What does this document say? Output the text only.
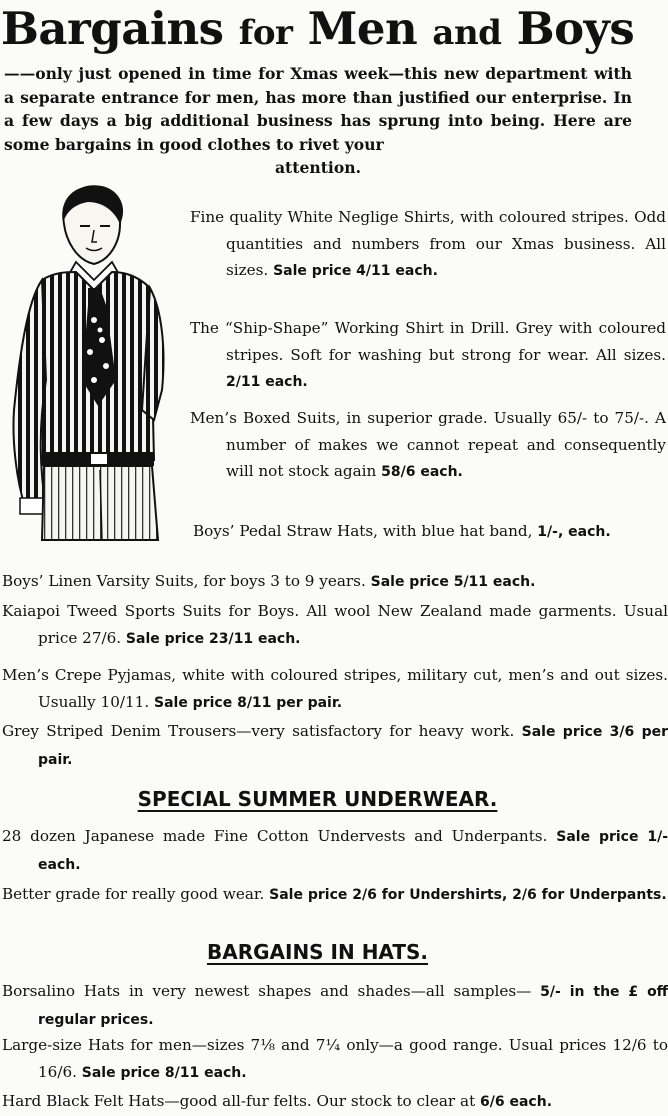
Bargains for Men and Boys
——only just opened in time for Xmas week—this new department with a separate entrance for men, has more than justified our enterprise. In a few days a big additional business has sprung into being. Here are some bargains in good clothes to rivet your
attention.
Fine quality White Neglige Shirts, with coloured stripes. Odd quantities and numbers from our Xmas business. All sizes. Sale price 4/11 each.
The “Ship-Shape” Working Shirt in Drill. Grey with coloured stripes. Soft for washing but strong for wear. All sizes. 2/11 each.
Men’s Boxed Suits, in superior grade. Usually 65/- to 75/-. A number of makes we cannot repeat and consequently will not stock again 58/6 each.
Boys’ Pedal Straw Hats, with blue hat band, 1/-, each.
Boys’ Linen Varsity Suits, for boys 3 to 9 years. Sale price 5/11 each.
Kaiapoi Tweed Sports Suits for Boys. All wool New Zealand made garments. Usual price 27/6. Sale price 23/11 each.
Men’s Crepe Pyjamas, white with coloured stripes, military cut, men’s and out sizes. Usually 10/11. Sale price 8/11 per pair.
Grey Striped Denim Trousers—very satisfactory for heavy work. Sale price 3/6 per pair.
SPECIAL SUMMER UNDERWEAR.
28 dozen Japanese made Fine Cotton Undervests and Underpants. Sale price 1/- each.
Better grade for really good wear. Sale price 2/6 for Undershirts, 2/6 for Underpants.
BARGAINS IN HATS.
Borsalino Hats in very newest shapes and shades—all samples— 5/- in the £ off regular prices.
Large-size Hats for men—sizes 7⅛ and 7¼ only—a good range. Usual prices 12/6 to 16/6. Sale price 8/11 each.
Hard Black Felt Hats—good all-fur felts. Our stock to clear at 6/6 each.
